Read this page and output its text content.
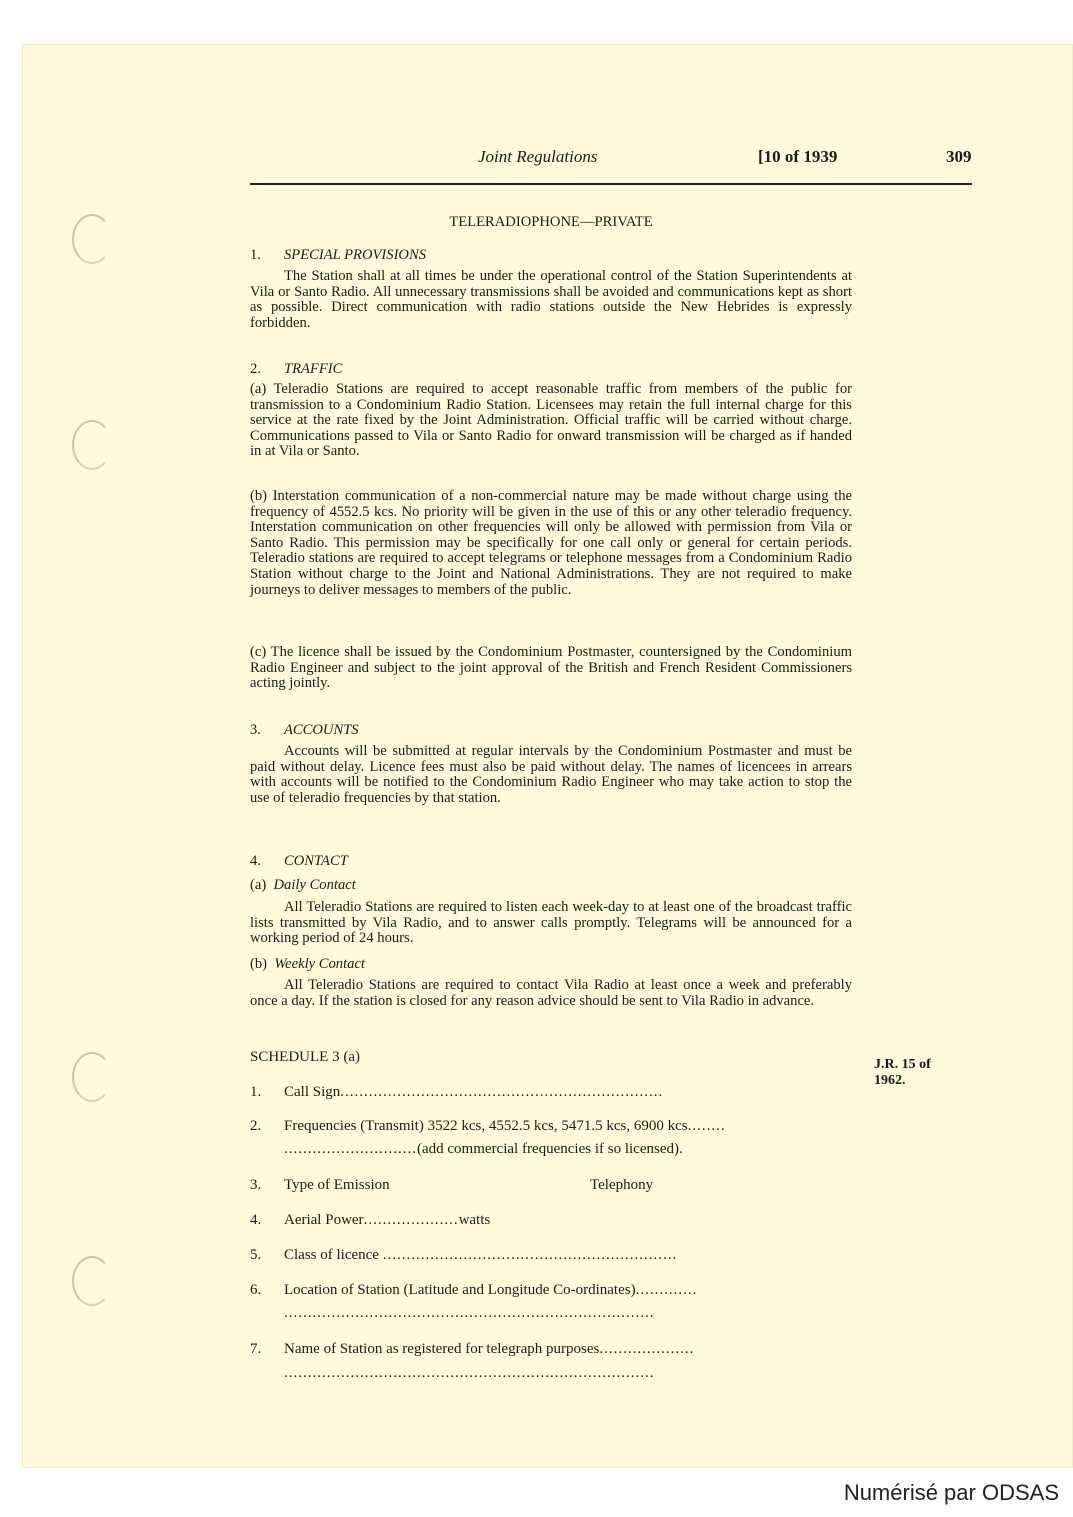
Joint Regulations	[10 of 1939	309
TELERADIOPHONE—PRIVATE
1. SPECIAL PROVISIONS
The Station shall at all times be under the operational control of the Station Superintendents at Vila or Santo Radio. All unnecessary transmissions shall be avoided and communications kept as short as possible. Direct communication with radio stations outside the New Hebrides is expressly forbidden.
2. TRAFFIC
(a) Teleradio Stations are required to accept reasonable traffic from members of the public for transmission to a Condominium Radio Station. Licensees may retain the full internal charge for this service at the rate fixed by the Joint Administration. Official traffic will be carried without charge. Communications passed to Vila or Santo Radio for onward transmission will be charged as if handed in at Vila or Santo.
(b) Interstation communication of a non-commercial nature may be made without charge using the frequency of 4552.5 kcs. No priority will be given in the use of this or any other teleradio frequency. Interstation communication on other frequencies will only be allowed with permission from Vila or Santo Radio. This permission may be specifically for one call only or general for certain periods. Teleradio stations are required to accept telegrams or telephone messages from a Condominium Radio Station without charge to the Joint and National Administrations. They are not required to make journeys to deliver messages to members of the public.
(c) The licence shall be issued by the Condominium Postmaster, countersigned by the Condominium Radio Engineer and subject to the joint approval of the British and French Resident Commissioners acting jointly.
3. ACCOUNTS
Accounts will be submitted at regular intervals by the Condominium Postmaster and must be paid without delay. Licence fees must also be paid without delay. The names of licencees in arrears with accounts will be notified to the Condominium Radio Engineer who may take action to stop the use of teleradio frequencies by that station.
4. CONTACT
(a) Daily Contact
All Teleradio Stations are required to listen each week-day to at least one of the broadcast traffic lists transmitted by Vila Radio, and to answer calls promptly. Telegrams will be announced for a working period of 24 hours.
(b) Weekly Contact
All Teleradio Stations are required to contact Vila Radio at least once a week and preferably once a day. If the station is closed for any reason advice should be sent to Vila Radio in advance.
SCHEDULE 3 (a)	J.R. 15 of 1962.
1. Call Sign....................................................................
2. Frequencies (Transmit) 3522 kcs, 4552.5 kcs, 5471.5 kcs, 6900 kcs........
............................(add commercial frequencies if so licensed).
3. Type of Emission	Telephony
4. Aerial Power....................watts
5. Class of licence ..............................................................
6. Location of Station (Latitude and Longitude Co-ordinates).............
..............................................................................
7. Name of Station as registered for telegraph purposes....................
..............................................................................
Numérisé par ODSAS
